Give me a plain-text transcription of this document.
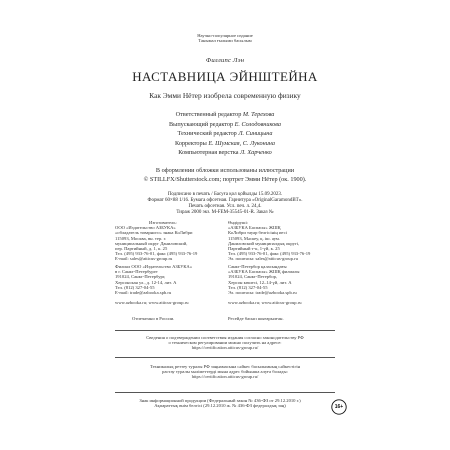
Научно-популярное издание
Танымал ғылыми басылым
Филлипс Лэн
НАСТАВНИЦА ЭЙНШТЕЙНА
Как Эмми Нётер изобрела современную физику
Ответственный редактор М. Терехова
Выпускающий редактор Е. Солодовникова
Технический редактор Л. Синицына
Корректоры Е. Шумская, С. Луконина
Компьютерная верстка Л. Харченко
В оформлении обложки использованы иллюстрации
© STILLFX/Shutterstock.com; портрет Эмми Нётер (ок. 1900).
Подписано в печать / Басуға қол қойылды 15.09.2023.
Формат 60×88 1/16. Бумага офсетная. Гарнитура «OriginalGaramondBT».
Печать офсетная. Усл. печ. л. 24,4.
Тираж 2000 экз. M-FEM-35545-01-R. Заказ №
Изготовитель:
ООО «Издательство АЗБУКА»
«обладатель товарного» знака КоЛибри
115093, Москва, вн. тер. г.
муниципальный округ Даниловский,
пер. Партийный, д. 1, к. 25
Тел. (495) 933-76-01, факс (495) 933-76-19
E-mail: sales@atticus-group.ru
Өндіруші:
«АЗБУКА Баспасы» ЖШҚ
КоЛибри тауар белгісінің иесі
115093, Мәскеу, қ. іш. аум.
Даниловский муниципалдық округі,
Партийный т-к, 1-үй, к. 25
Тел. (495) 933-76-01, факс (495) 933-76-19
Эл. поштасы: sales@atticus-group.ru
Филиал ООО «Издательство АЗБУКА»
в г. Санкт-Петербурге
191024, Санкт-Петербург,
Херсонская ул., д. 12-14, лит. А
Тел. (812) 327-04-55
E-mail: trade@azbooka.spb.ru
Санкт-Петербор қаласындағы
«АЗБУКА Баспасы» ЖШҚ филиалы
191024, Санкт-Петербор,
Херсон көшесі, 12–14-үй, лит. А
Тел. (812) 327-04-55
Эл. поштасы: trade@azbooka.spb.ru
www.azbooka.ru; www.atticus-group.ru	www.azbooka.ru; www.atticus-group.ru
Отпечатано в России.	Ресейде басып шығарылған.
Сведения о подтверждении соответствия издания согласно законодательству РФ
о техническом регулировании можно получить на адресе:
https://certification.atticus-group.ru/
Техникалық реттеу туралы РФ заңнамасына сәйкес басылымның сәйкестігін
растау туралы мәліметтерді мына адрес бойынша алуға болады:
https://certification.atticus-group.ru/
Знак информационной продукции (Федеральный закон № 436-ФЗ от 29.12.2010 г.)
Ақпараттық өнім белгісі (29.12.2010 ж. № 436-ФЗ федералдық заң)	16+
